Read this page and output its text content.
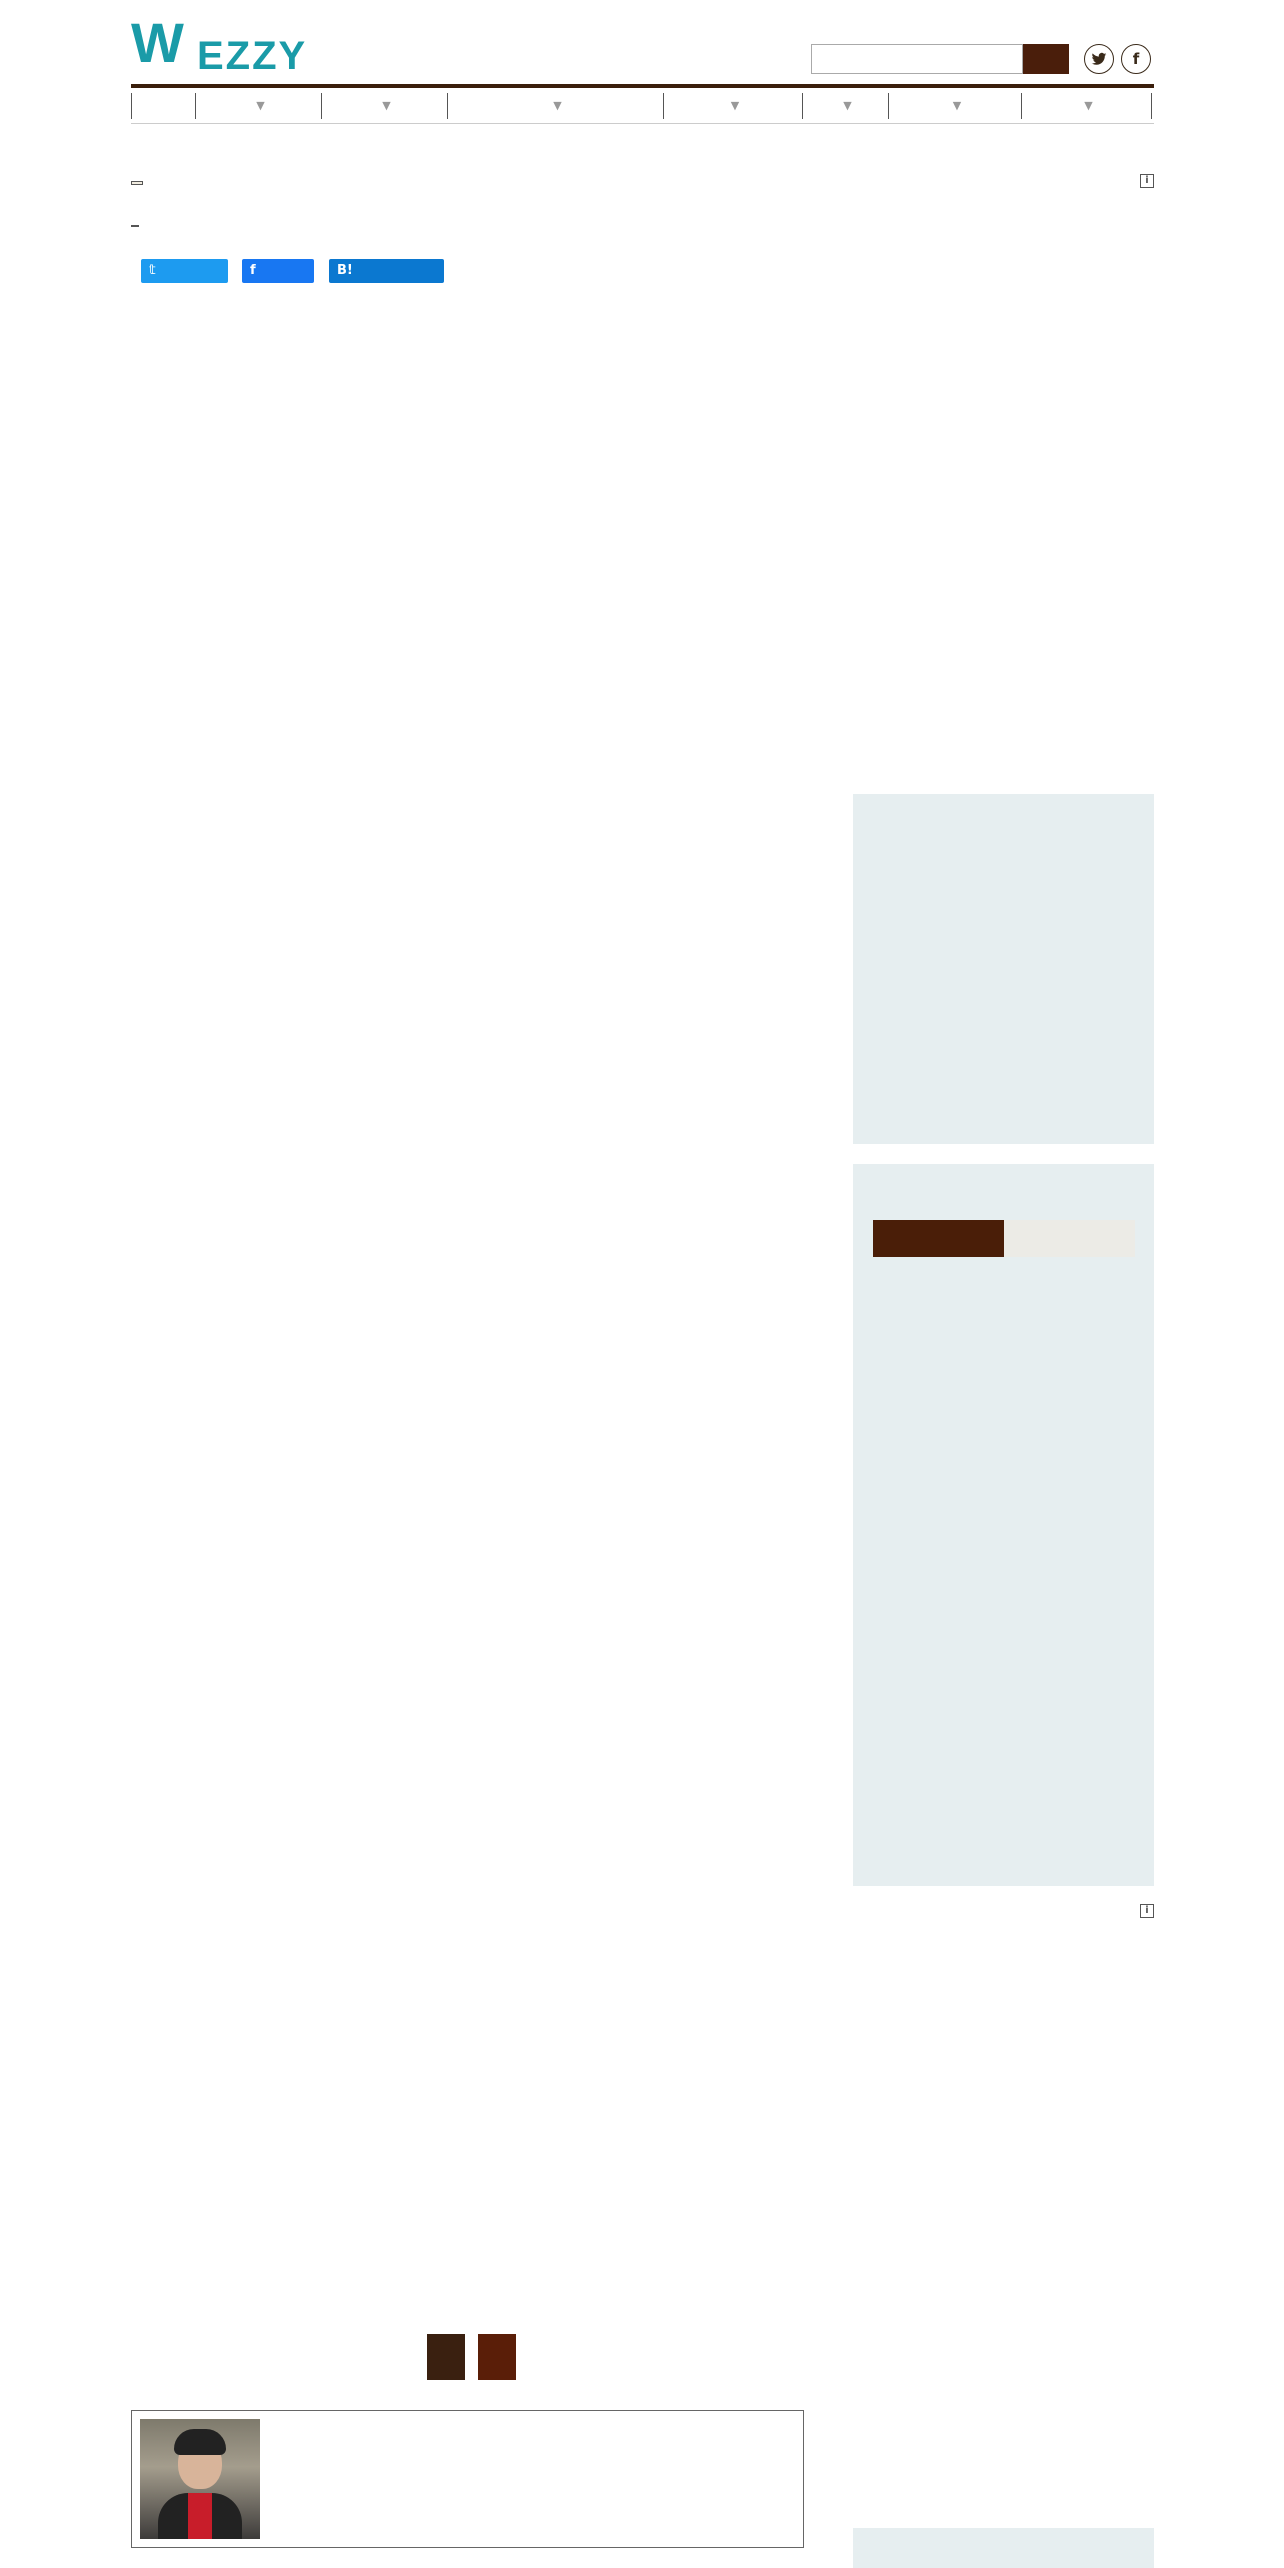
W EZZY	f
▼	▼	▼	▼	▼	▼	▼
𝕥	f	B!
i
i
